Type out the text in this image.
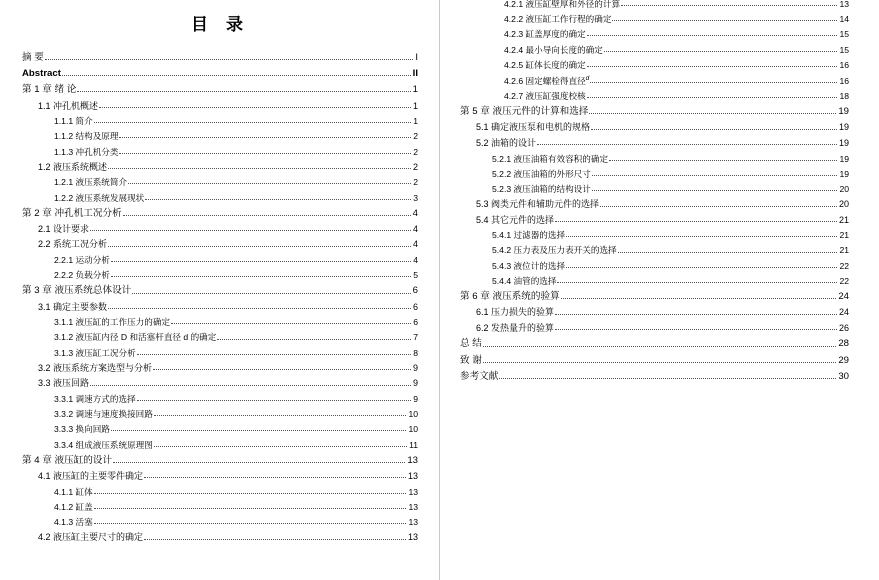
目 录
摘 要	I
Abstract	II
第 1 章 绪 论	1
1.1 冲孔机概述	1
1.1.1 简介	1
1.1.2 结构及原理	2
1.1.3 冲孔机分类	2
1.2 液压系统概述	2
1.2.1 液压系统简介	2
1.2.2 液压系统发展现状	3
第 2 章 冲孔机工况分析	4
2.1 设计要求	4
2.2 系统工况分析	4
2.2.1 运动分析	4
2.2.2 负载分析	5
第 3 章 液压系统总体设计	6
3.1 确定主要参数	6
3.1.1 液压缸的工作压力的确定	6
3.1.2 液压缸内径 D 和活塞杆直径 d 的确定	7
3.1.3 液压缸工况分析	8
3.2 液压系统方案选型与分析	9
3.3 液压回路	9
3.3.1 调速方式的选择	9
3.3.2 调速与速度换接回路	10
3.3.3 换向回路	10
3.3.4 组成液压系统原理图	11
第 4 章 液压缸的设计	13
4.1 液压缸的主要零件确定	13
4.1.1 缸体	13
4.1.2 缸盖	13
4.1.3 活塞	13
4.2 液压缸主要尺寸的确定	13
4.2.1 液压缸壁厚和外径的计算	13
4.2.2 液压缸工作行程的确定	14
4.2.3 缸盖厚度的确定	15
4.2.4 最小导向长度的确定	15
4.2.5 缸体长度的确定	16
4.2.6 固定螺栓得直径$^d$	16
4.2.7 液压缸强度校核	18
第 5 章 液压元件的计算和选择	19
5.1 确定液压泵和电机的规格	19
5.2 油箱的设计	19
5.2.1 液压油箱有效容积的确定	19
5.2.2 液压油箱的外形尺寸	19
5.2.3 液压油箱的结构设计	20
5.3 阀类元件和辅助元件的选择	20
5.4 其它元件的选择	21
5.4.1 过滤器的选择	21
5.4.2 压力表及压力表开关的选择	21
5.4.3 液位计的选择	22
5.4.4 油管的选择	22
第 6 章 液压系统的验算	24
6.1 压力损失的验算	24
6.2 发热量升的验算	26
总 结	28
致 谢	29
参考文献	30
